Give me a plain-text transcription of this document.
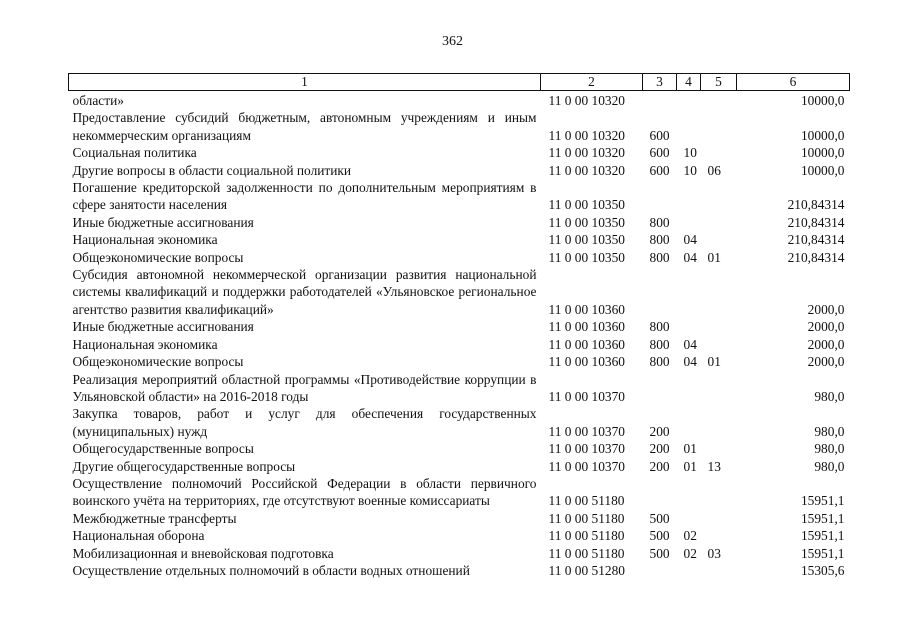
362
1	2	3	4	5	6
области»	11 0 00 10320				10000,0
Предоставление субсидий бюджетным, автономным учреждениям и иным некоммерческим организациям	11 0 00 10320	600			10000,0
Социальная политика	11 0 00 10320	600	10		10000,0
Другие вопросы в области социальной политики	11 0 00 10320	600	10	06	10000,0
Погашение кредиторской задолженности по дополнительным мероприятиям в сфере занятости населения	11 0 00 10350				210,84314
Иные бюджетные ассигнования	11 0 00 10350	800			210,84314
Национальная экономика	11 0 00 10350	800	04		210,84314
Общеэкономические вопросы	11 0 00 10350	800	04	01	210,84314
Субсидия автономной некоммерческой организации развития национальной системы квалификаций и поддержки работодателей «Ульяновское региональное агентство развития квалификаций»	11 0 00 10360				2000,0
Иные бюджетные ассигнования	11 0 00 10360	800			2000,0
Национальная экономика	11 0 00 10360	800	04		2000,0
Общеэкономические вопросы	11 0 00 10360	800	04	01	2000,0
Реализация мероприятий областной программы «Противодействие коррупции в Ульяновской области» на 2016-2018 годы	11 0 00 10370				980,0
Закупка товаров, работ и услуг для обеспечения государственных (муниципальных) нужд	11 0 00 10370	200			980,0
Общегосударственные вопросы	11 0 00 10370	200	01		980,0
Другие общегосударственные вопросы	11 0 00 10370	200	01	13	980,0
Осуществление полномочий Российской Федерации в области первичного воинского учёта на территориях, где отсутствуют военные комиссариаты	11 0 00 51180				15951,1
Межбюджетные трансферты	11 0 00 51180	500			15951,1
Национальная оборона	11 0 00 51180	500	02		15951,1
Мобилизационная и вневойсковая подготовка	11 0 00 51180	500	02	03	15951,1
Осуществление отдельных полномочий в области водных отношений	11 0 00 51280				15305,6
